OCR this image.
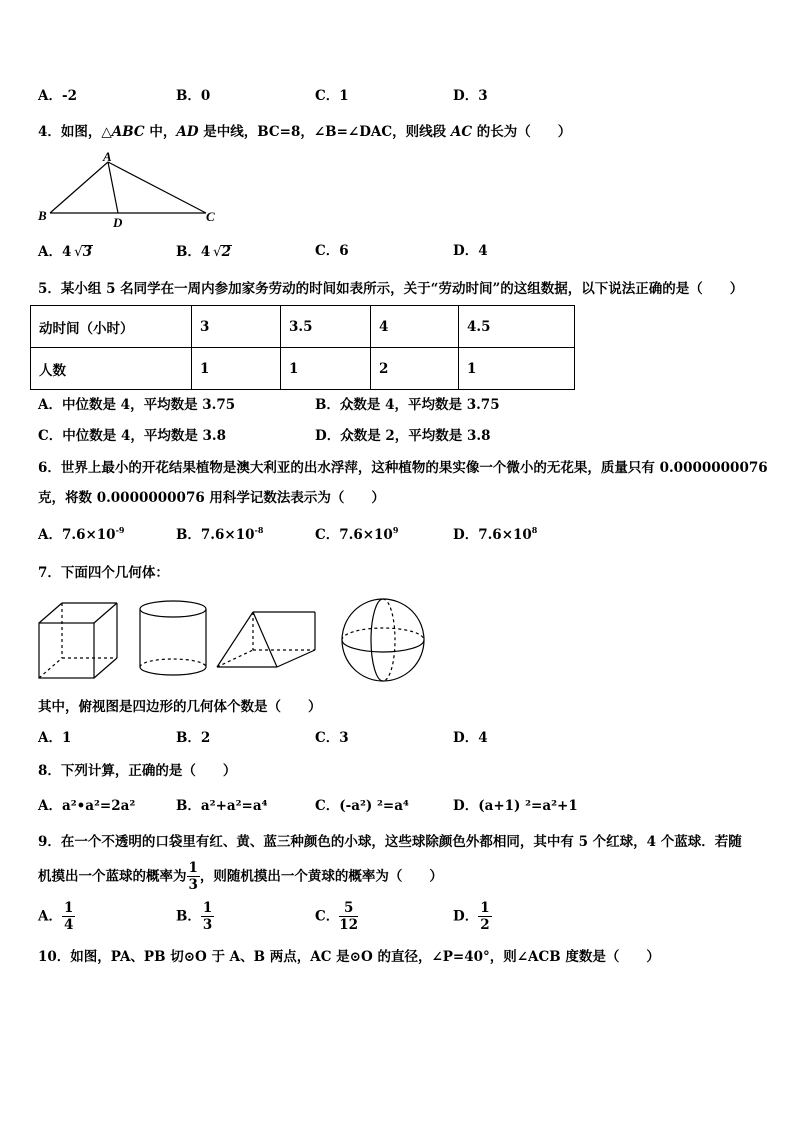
A．-2	B．0	C．1	D．3
4．如图，△ABC 中，AD 是中线，BC=8，∠B=∠DAC，则线段 AC 的长为（　　）
A
B	D	C
A．4  √3	B．4  √2	C．6	D．4
5．某小组 5 名同学在一周内参加家务劳动的时间如表所示，关于“劳动时间”的这组数据，以下说法正确的是（　　）
动时间（小时）	3	3.5	4	4.5
人数	1	1	2	1
A．中位数是 4，平均数是 3.75	B．众数是 4，平均数是 3.75
C．中位数是 4，平均数是 3.8	D．众数是 2，平均数是 3.8
6．世界上最小的开花结果植物是澳大利亚的出水浮萍，这种植物的果实像一个微小的无花果，质量只有 0.0000000076
克，将数 0.0000000076 用科学记数法表示为（　　）
A．$7.6\times 10^{-9}$	B．$7.6\times 10^{-8}$	C．$7.6\times 10^9$	D．$7.6\times 10^8$
7．下面四个几何体：
其中，俯视图是四边形的几何体个数是（　　）
A．1	B．2	C．3	D．4
8．下列计算，正确的是（　　）
A．a²•a²=2a²	B．a²+a²=a⁴	C．(-a²) ²=a⁴	D．(a+1) ²=a²+1
9．在一个不透明的口袋里有红、黄、蓝三种颜色的小球，这些球除颜色外都相同，其中有 5 个红球，4 个蓝球．若随
机摸出一个蓝球的概率为 $\frac{1}{3}$ ，则随机摸出一个黄球的概率为（　　）
A． $\frac{1}{4}$	B． $\frac{1}{3}$	C． $\frac{5}{12}$	D． $\frac{1}{2}$
10．如图，PA、PB 切⊙O 于 A、B 两点，AC 是⊙O 的直径，∠P=40°，则∠ACB 度数是（　　）
